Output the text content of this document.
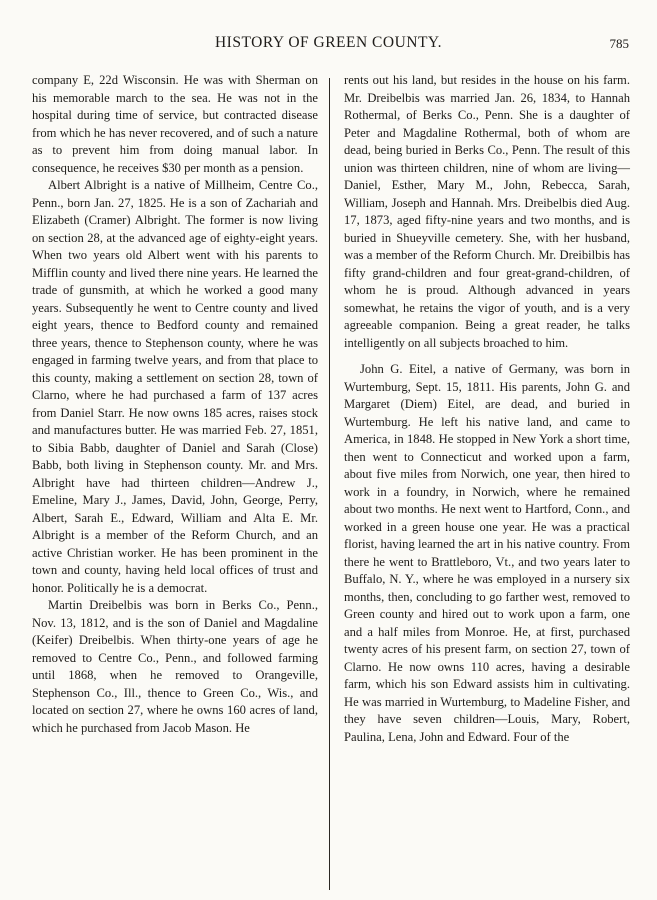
HISTORY OF GREEN COUNTY.	785

company E, 22d Wisconsin. He was with Sherman on his memorable march to the sea. He was not in the hospital during time of service, but contracted disease from which he has never recovered, and of such a nature as to prevent him from doing manual labor. In consequence, he receives $30 per month as a pension.

Albert Albright is a native of Millheim, Centre Co., Penn., born Jan. 27, 1825. He is a son of Zachariah and Elizabeth (Cramer) Albright. The former is now living on section 28, at the advanced age of eighty-eight years. When two years old Albert went with his parents to Mifflin county and lived there nine years. He learned the trade of gunsmith, at which he worked a good many years. Subsequently he went to Centre county and lived eight years, thence to Bedford county and remained three years, thence to Stephenson county, where he was engaged in farming twelve years, and from that place to this county, making a settlement on section 28, town of Clarno, where he had purchased a farm of 137 acres from Daniel Starr. He now owns 185 acres, raises stock and manufactures butter. He was married Feb. 27, 1851, to Sibia Babb, daughter of Daniel and Sarah (Close) Babb, both living in Stephenson county. Mr. and Mrs. Albright have had thirteen children—Andrew J., Emeline, Mary J., James, David, John, George, Perry, Albert, Sarah E., Edward, William and Alta E. Mr. Albright is a member of the Reform Church, and an active Christian worker. He has been prominent in the town and county, having held local offices of trust and honor. Politically he is a democrat.

Martin Dreibelbis was born in Berks Co., Penn., Nov. 13, 1812, and is the son of Daniel and Magdaline (Keifer) Dreibelbis. When thirty-one years of age he removed to Centre Co., Penn., and followed farming until 1868, when he removed to Orangeville, Stephenson Co., Ill., thence to Green Co., Wis., and located on section 27, where he owns 160 acres of land, which he purchased from Jacob Mason. He

rents out his land, but resides in the house on his farm. Mr. Dreibelbis was married Jan. 26, 1834, to Hannah Rothermal, of Berks Co., Penn. She is a daughter of Peter and Magdaline Rothermal, both of whom are dead, being buried in Berks Co., Penn. The result of this union was thirteen children, nine of whom are living—Daniel, Esther, Mary M., John, Rebecca, Sarah, William, Joseph and Hannah. Mrs. Dreibelbis died Aug. 17, 1873, aged fifty-nine years and two months, and is buried in Shueyville cemetery. She, with her husband, was a member of the Reform Church. Mr. Dreibilbis has fifty grand-children and four great-grand-children, of whom he is proud. Although advanced in years somewhat, he retains the vigor of youth, and is a very agreeable companion. Being a great reader, he talks intelligently on all subjects broached to him.

John G. Eitel, a native of Germany, was born in Wurtemburg, Sept. 15, 1811. His parents, John G. and Margaret (Diem) Eitel, are dead, and buried in Wurtemburg. He left his native land, and came to America, in 1848. He stopped in New York a short time, then went to Connecticut and worked upon a farm, about five miles from Norwich, one year, then hired to work in a foundry, in Norwich, where he remained about two months. He next went to Hartford, Conn., and worked in a green house one year. He was a practical florist, having learned the art in his native country. From there he went to Brattleboro, Vt., and two years later to Buffalo, N. Y., where he was employed in a nursery six months, then, concluding to go farther west, removed to Green county and hired out to work upon a farm, one and a half miles from Monroe. He, at first, purchased twenty acres of his present farm, on section 27, town of Clarno. He now owns 110 acres, having a desirable farm, which his son Edward assists him in cultivating. He was married in Wurtemburg, to Madeline Fisher, and they have seven children—Louis, Mary, Robert, Paulina, Lena, John and Edward. Four of the
